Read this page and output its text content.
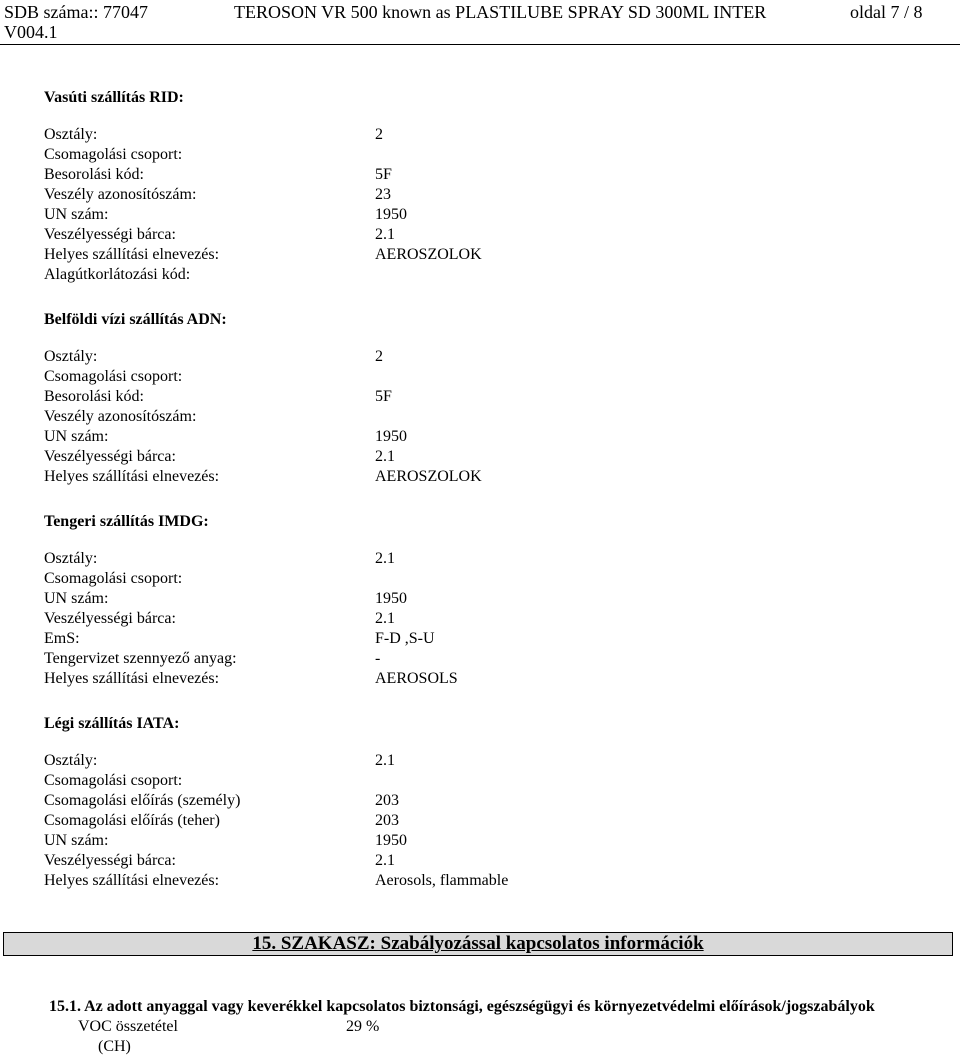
SDB száma:: 77047
V004.1
TEROSON VR 500 known as PLASTILUBE SPRAY SD 300ML INTER	oldal 7 / 8
Vasúti szállítás RID:
Osztály:	2
Csomagolási csoport:
Besorolási kód:	5F
Veszély azonosítószám:	23
UN szám:	1950
Veszélyességi bárca:	2.1
Helyes szállítási elnevezés:	AEROSZOLOK
Alagútkorlátozási kód:
Belföldi vízi szállítás ADN:
Osztály:	2
Csomagolási csoport:
Besorolási kód:	5F
Veszély azonosítószám:
UN szám:	1950
Veszélyességi bárca:	2.1
Helyes szállítási elnevezés:	AEROSZOLOK
Tengeri szállítás IMDG:
Osztály:	2.1
Csomagolási csoport:
UN szám:	1950
Veszélyességi bárca:	2.1
EmS:	F-D ,S-U
Tengervizet szennyező anyag:	-
Helyes szállítási elnevezés:	AEROSOLS
Légi szállítás IATA:
Osztály:	2.1
Csomagolási csoport:
Csomagolási előírás (személy)	203
Csomagolási előírás (teher)	203
UN szám:	1950
Veszélyességi bárca:	2.1
Helyes szállítási elnevezés:	Aerosols, flammable
15. SZAKASZ: Szabályozással kapcsolatos információk
15.1. Az adott anyaggal vagy keverékkel kapcsolatos biztonsági, egészségügyi és környezetvédelmi előírások/jogszabályok
VOC összetétel	29 %
(CH)
